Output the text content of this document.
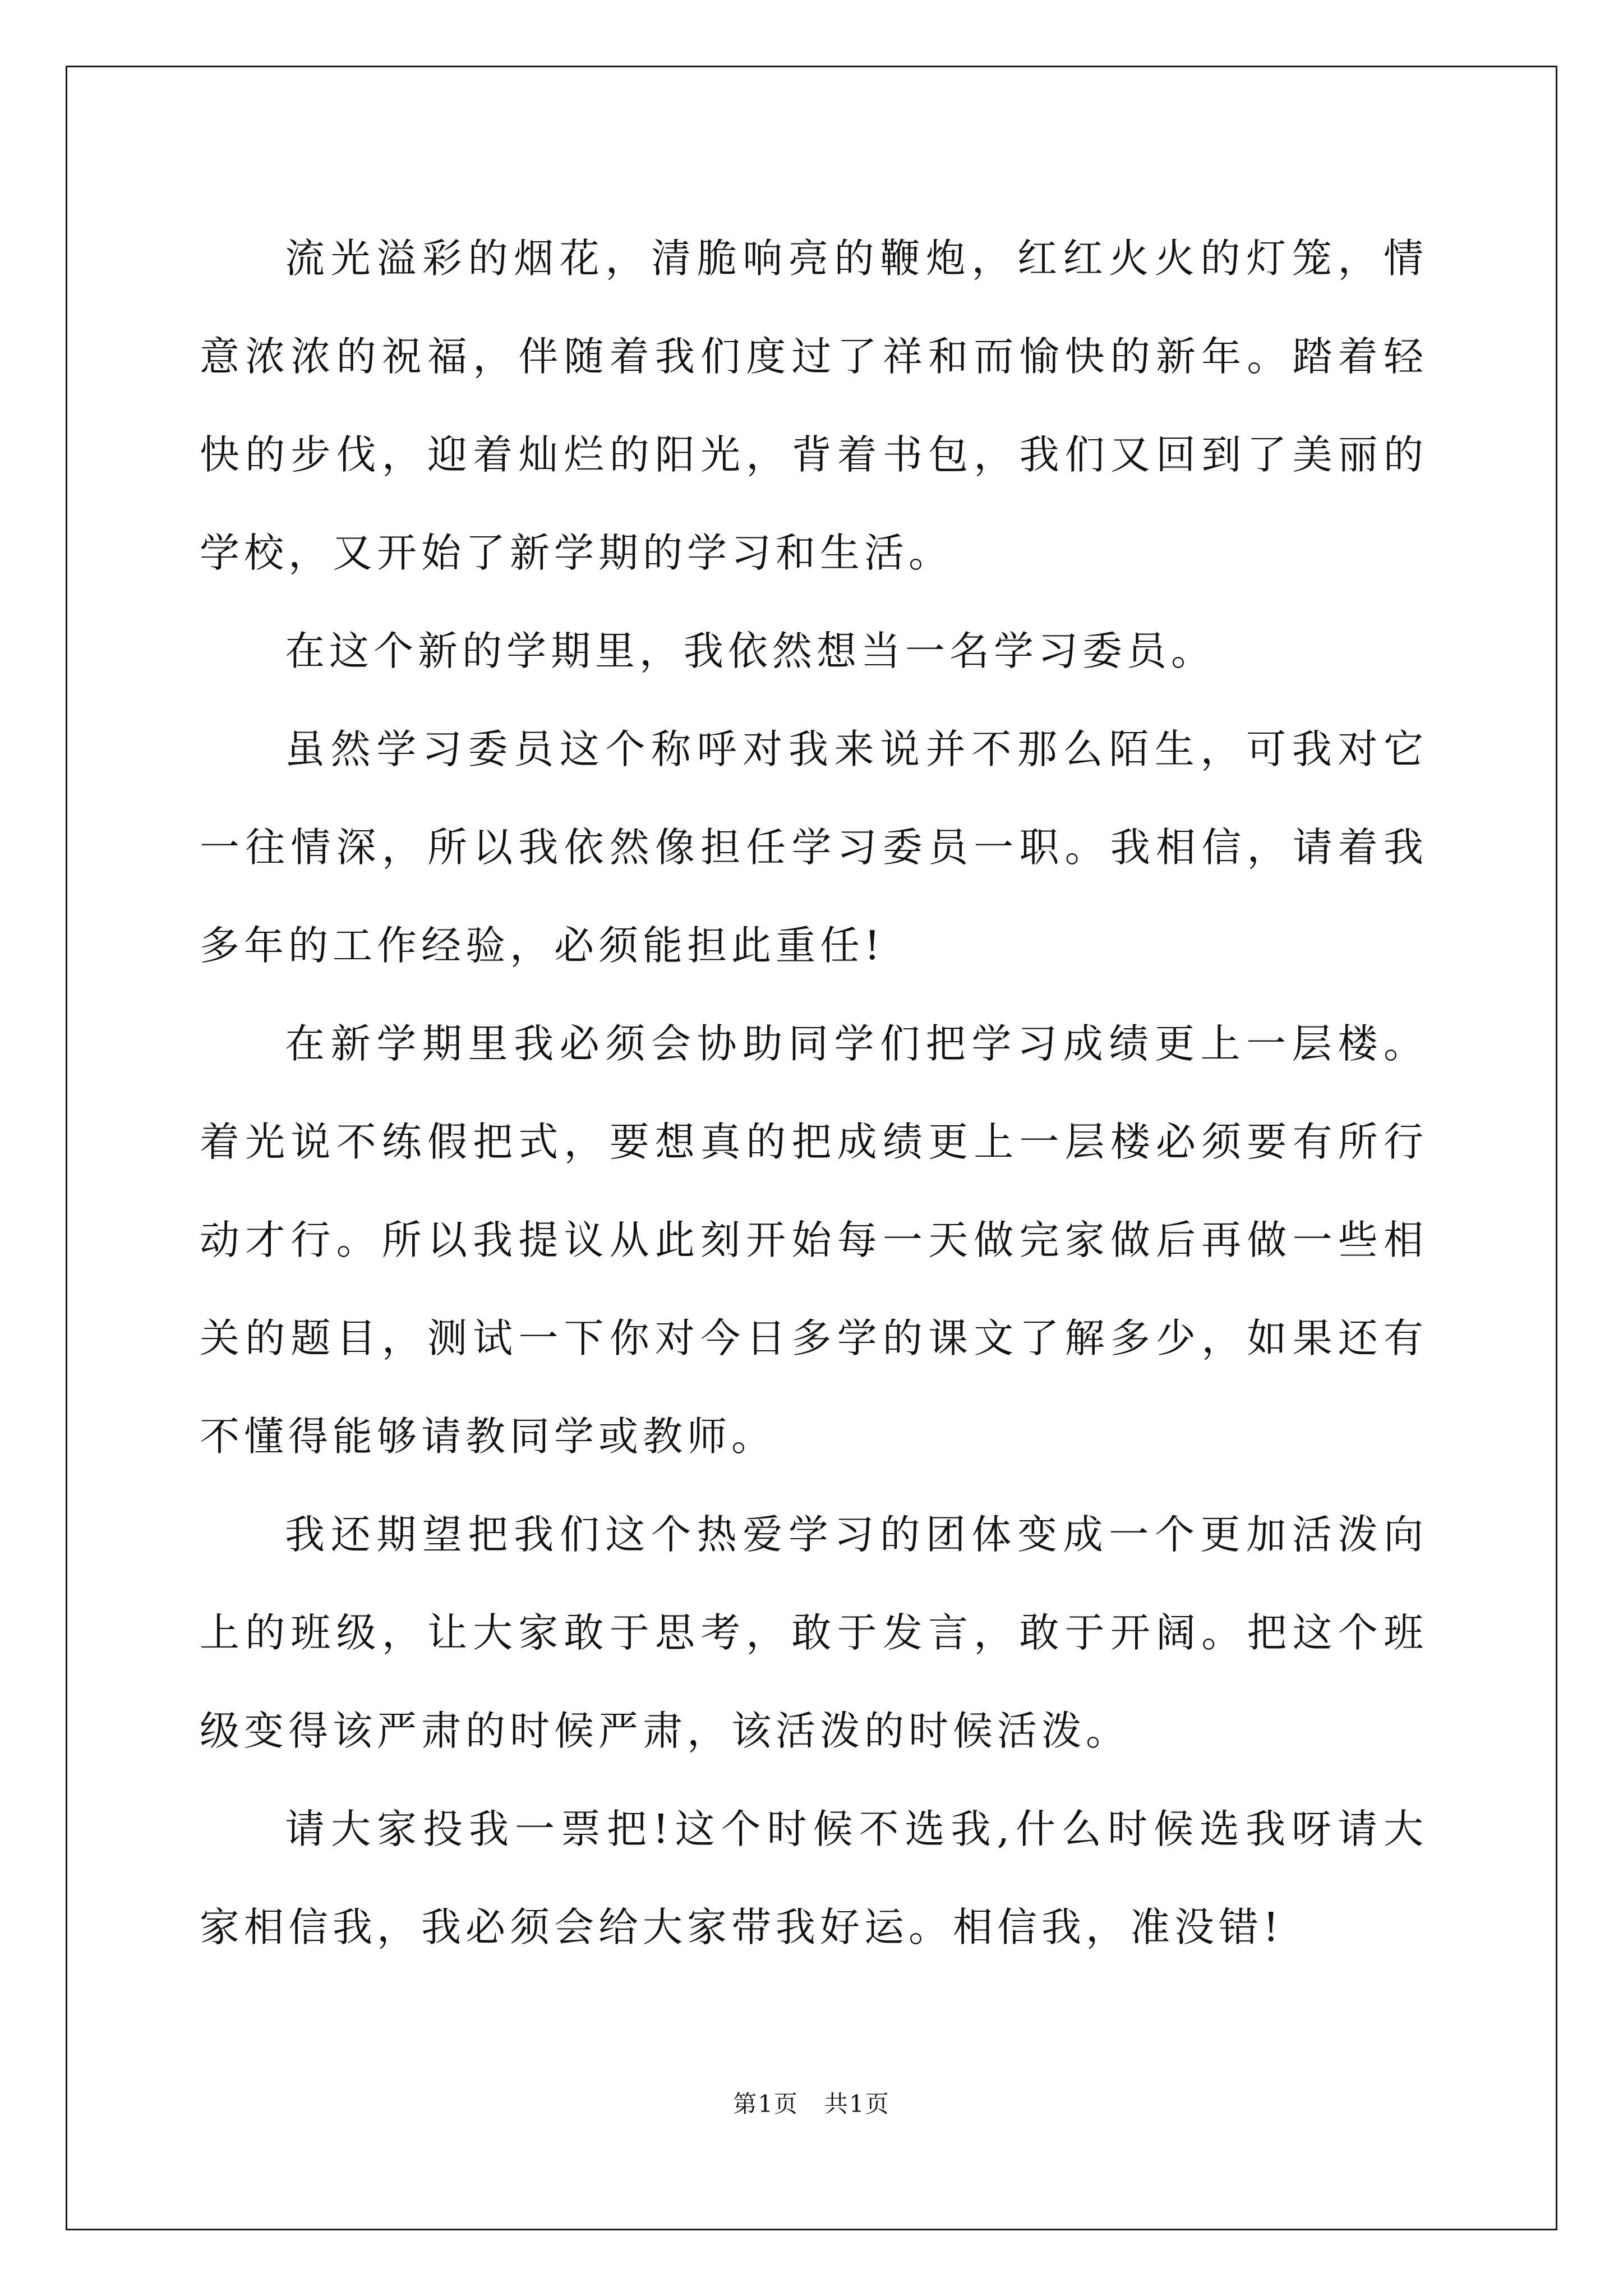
流光溢彩的烟花，清脆响亮的鞭炮，红红火火的灯笼，情意浓浓的祝福，伴随着我们度过了祥和而愉快的新年。踏着轻快的步伐，迎着灿烂的阳光，背着书包，我们又回到了美丽的学校，又开始了新学期的学习和生活。

在这个新的学期里，我依然想当一名学习委员。

虽然学习委员这个称呼对我来说并不那么陌生，可我对它一往情深，所以我依然像担任学习委员一职。我相信，请着我多年的工作经验，必须能担此重任!

在新学期里我必须会协助同学们把学习成绩更上一层楼。着光说不练假把式，要想真的把成绩更上一层楼必须要有所行动才行。所以我提议从此刻开始每一天做完家做后再做一些相关的题目，测试一下你对今日多学的课文了解多少，如果还有不懂得能够请教同学或教师。

我还期望把我们这个热爱学习的团体变成一个更加活泼向上的班级，让大家敢于思考，敢于发言，敢于开阔。把这个班级变得该严肃的时候严肃，该活泼的时候活泼。

请大家投我一票把!这个时候不选我,什么时候选我呀请大家相信我，我必须会给大家带我好运。相信我，准没错!

第1页   共1页
